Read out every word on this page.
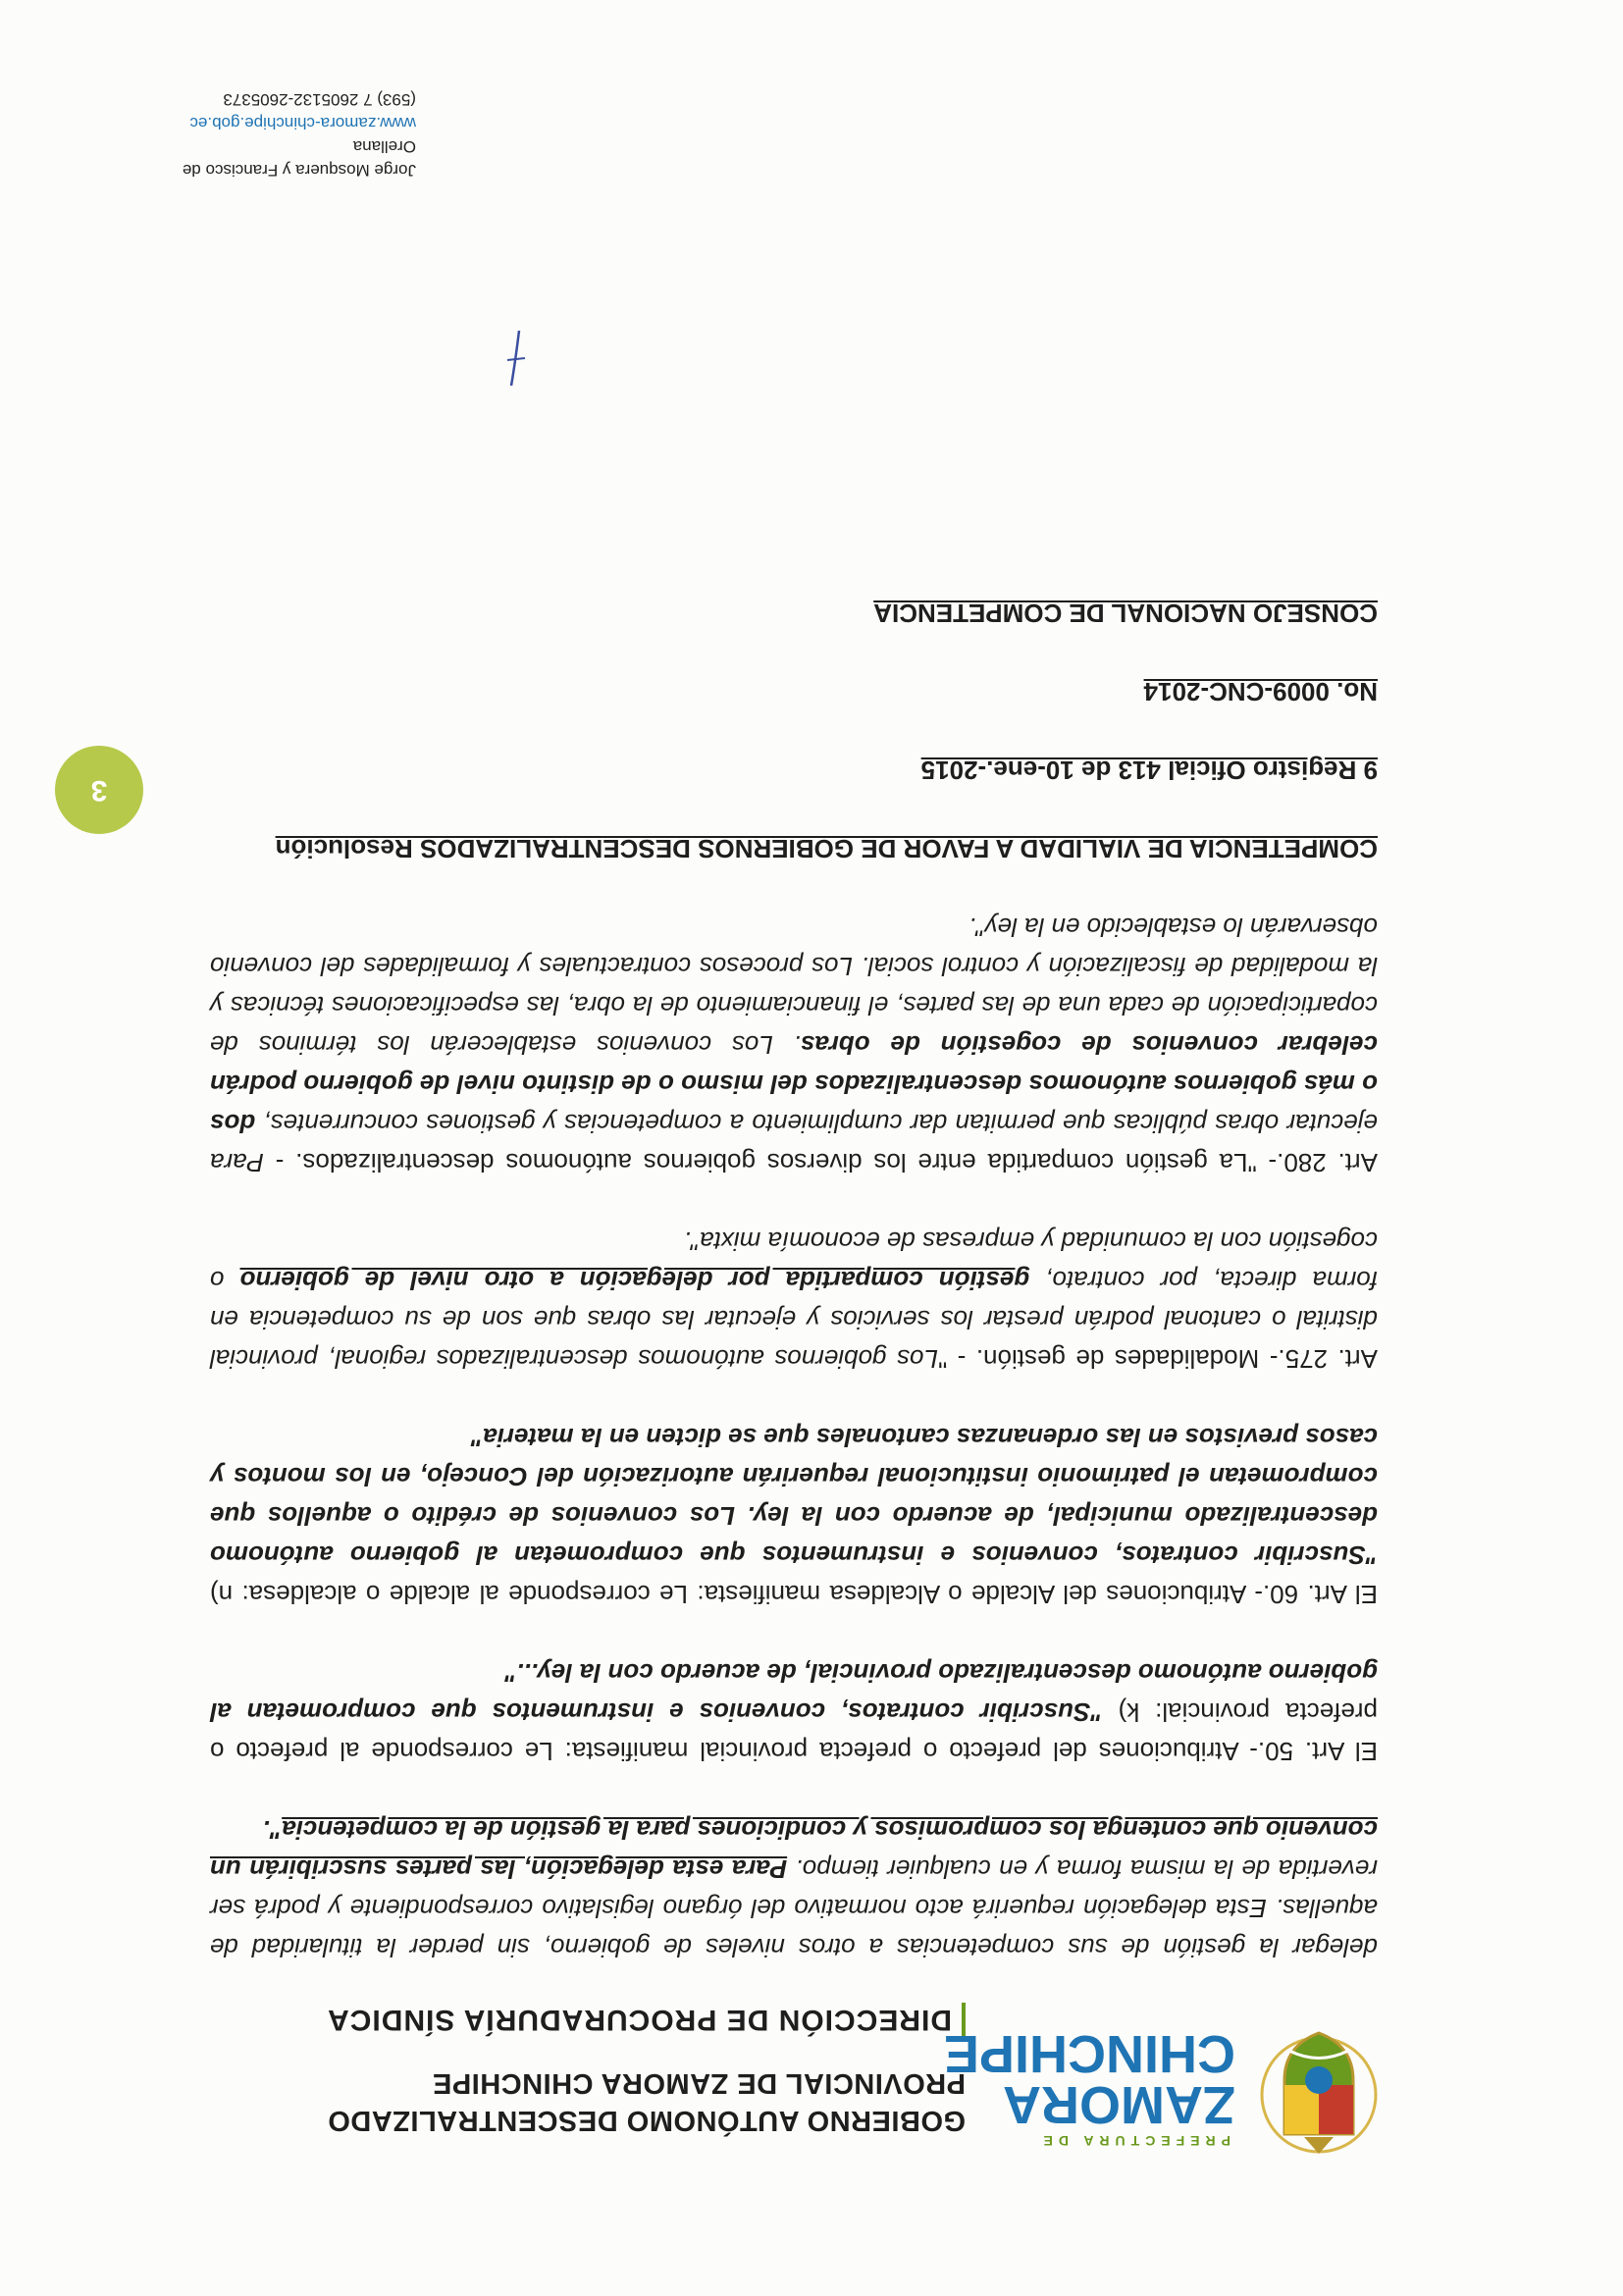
PREFECTURA DE
ZAMORA
CHINCHIPE
GOBIERNO AUTÓNOMO DESCENTRALIZADO
PROVINCIAL DE ZAMORA CHINCHIPE
DIRECCIÓN DE PROCURADURÍA SÍNDICA

delegar la gestión de sus competencias a otros niveles de gobierno, sin perder la titularidad de aquellas. Esta delegación requerirá acto normativo del órgano legislativo correspondiente y podrá ser revertida de la misma forma y en cualquier tiempo. Para esta delegación, las partes suscribirán un convenio que contenga los compromisos y condiciones para la gestión de la competencia".

El Art. 50.- Atribuciones del prefecto o prefecta provincial manifiesta: Le corresponde al prefecto o prefecta provincial: k) "Suscribir contratos, convenios e instrumentos que comprometan al gobierno autónomo descentralizado provincial, de acuerdo con la ley..."

El Art. 60.- Atribuciones del Alcalde o Alcaldesa manifiesta: Le corresponde al alcalde o alcaldesa: n) "Suscribir contratos, convenios e instrumentos que comprometan al gobierno autónomo descentralizado municipal, de acuerdo con la ley. Los convenios de crédito o aquellos que comprometan el patrimonio institucional requerirán autorización del Concejo, en los montos y casos previstos en las ordenanzas cantonales que se dicten en la materia"

Art. 275.- Modalidades de gestión. - "Los gobiernos autónomos descentralizados regional, provincial distrital o cantonal podrán prestar los servicios y ejecutar las obras que son de su competencia en forma directa, por contrato, gestión compartida por delegación a otro nivel de gobierno o cogestión con la comunidad y empresas de economía mixta".

Art. 280.- "La gestión compartida entre los diversos gobiernos autónomos descentralizados. - Para ejecutar obras públicas que permitan dar cumplimiento a competencias y gestiones concurrentes, dos o más gobiernos autónomos descentralizados del mismo o de distinto nivel de gobierno podrán celebrar convenios de cogestión de obras. Los convenios establecerán los términos de coparticipación de cada una de las partes, el financiamiento de la obra, las especificaciones técnicas y la modalidad de fiscalización y control social. Los procesos contractuales y formalidades del convenio observarán lo establecido en la ley".

COMPETENCIA DE VIALIDAD A FAVOR DE GOBIERNOS DESCENTRALIZADOS Resolución

9 Registro Oficial 413 de 10-ene.-2015

No. 0009-CNC-2014

CONSEJO NACIONAL DE COMPETENCIA

3
Jorge Mosquera y Francisco de Orellana
www.zamora-chinchipe.gob.ec
(593) 7 2605132-2605373
